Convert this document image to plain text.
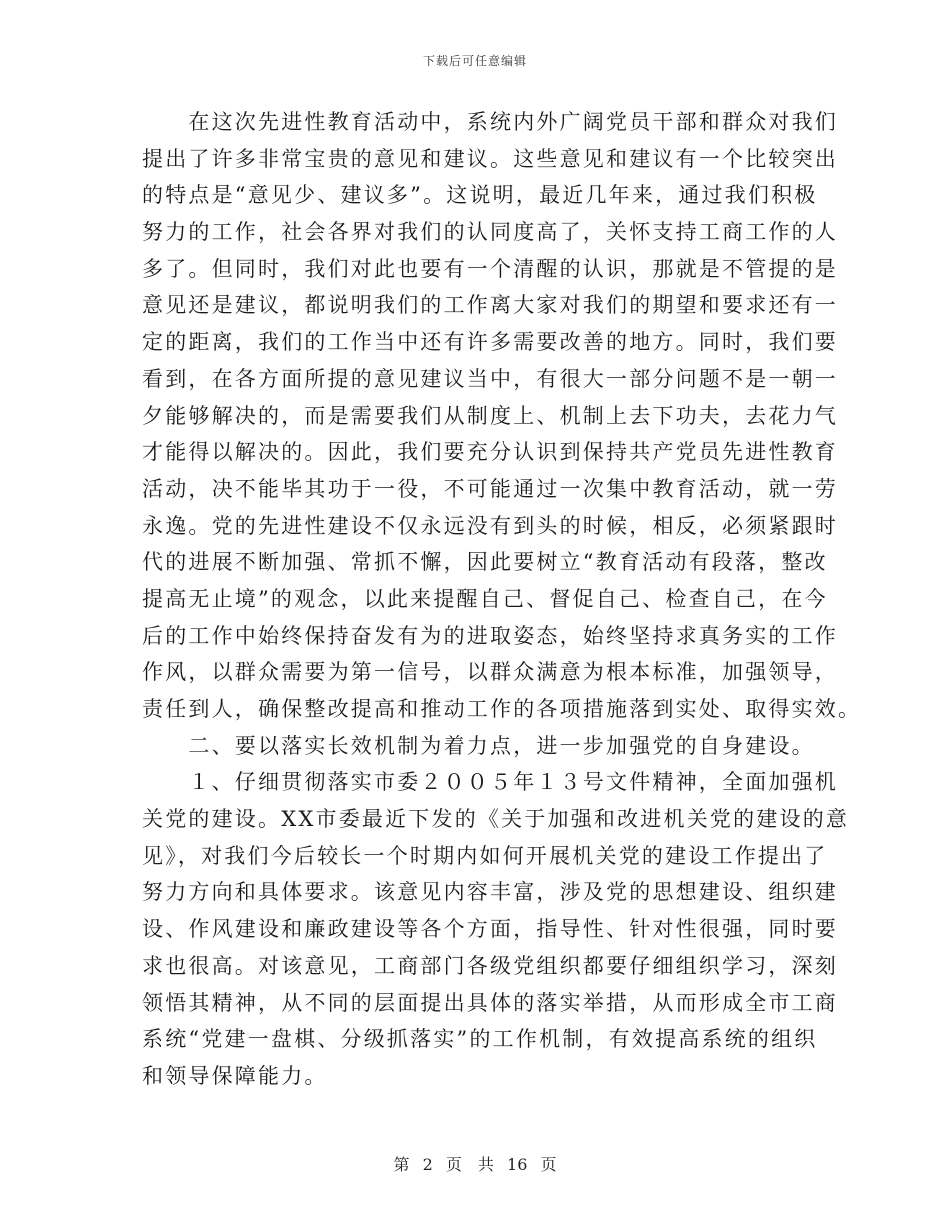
下载后可任意编辑
　　在这次先进性教育活动中，系统内外广阔党员干部和群众对我们
提出了许多非常宝贵的意见和建议。这些意见和建议有一个比较突出
的特点是“意见少、建议多”。这说明，最近几年来，通过我们积极
努力的工作，社会各界对我们的认同度高了，关怀支持工商工作的人
多了。但同时，我们对此也要有一个清醒的认识，那就是不管提的是
意见还是建议，都说明我们的工作离大家对我们的期望和要求还有一
定的距离，我们的工作当中还有许多需要改善的地方。同时，我们要
看到，在各方面所提的意见建议当中，有很大一部分问题不是一朝一
夕能够解决的，而是需要我们从制度上、机制上去下功夫，去花力气
才能得以解决的。因此，我们要充分认识到保持共产党员先进性教育
活动，决不能毕其功于一役，不可能通过一次集中教育活动，就一劳
永逸。党的先进性建设不仅永远没有到头的时候，相反，必须紧跟时
代的进展不断加强、常抓不懈，因此要树立“教育活动有段落，整改
提高无止境”的观念，以此来提醒自己、督促自己、检查自己，在今
后的工作中始终保持奋发有为的进取姿态，始终坚持求真务实的工作
作风，以群众需要为第一信号，以群众满意为根本标准，加强领导，
责任到人，确保整改提高和推动工作的各项措施落到实处、取得实效。
　　二、要以落实长效机制为着力点，进一步加强党的自身建设。
　　１、仔细贯彻落实市委２００５年１３号文件精神，全面加强机
关党的建设。XX市委最近下发的《关于加强和改进机关党的建设的意
见》，对我们今后较长一个时期内如何开展机关党的建设工作提出了
努力方向和具体要求。该意见内容丰富，涉及党的思想建设、组织建
设、作风建设和廉政建设等各个方面，指导性、针对性很强，同时要
求也很高。对该意见，工商部门各级党组织都要仔细组织学习，深刻
领悟其精神，从不同的层面提出具体的落实举措，从而形成全市工商
系统“党建一盘棋、分级抓落实”的工作机制，有效提高系统的组织
和领导保障能力。
第 2 页　共 16 页
